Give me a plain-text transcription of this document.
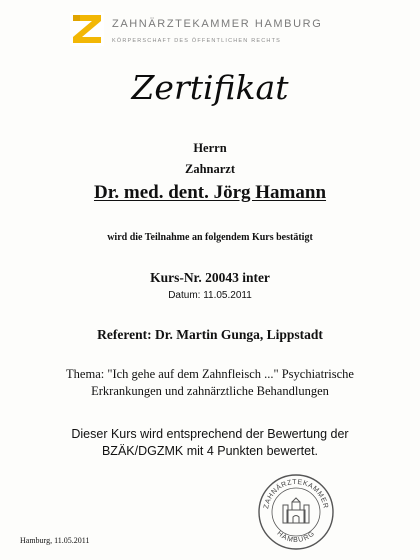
ZAHNÄRZTEKAMMER HAMBURG
KÖRPERSCHAFT DES ÖFFENTLICHEN RECHTS
Zertifikat
Herrn
Zahnarzt
Dr. med. dent. Jörg Hamann
wird die Teilnahme an folgendem Kurs bestätigt
Kurs-Nr. 20043 inter
Datum: 11.05.2011
Referent: Dr. Martin Gunga, Lippstadt
Thema: "Ich gehe auf dem Zahnfleisch ..." Psychiatrische
Erkrankungen und zahnärztliche Behandlungen
Dieser Kurs wird entsprechend der Bewertung der
BZÄK/DGZMK mit 4 Punkten bewertet.
Hamburg, 11.05.2011
ZAHNÄRZTEKAMMER
HAMBURG
